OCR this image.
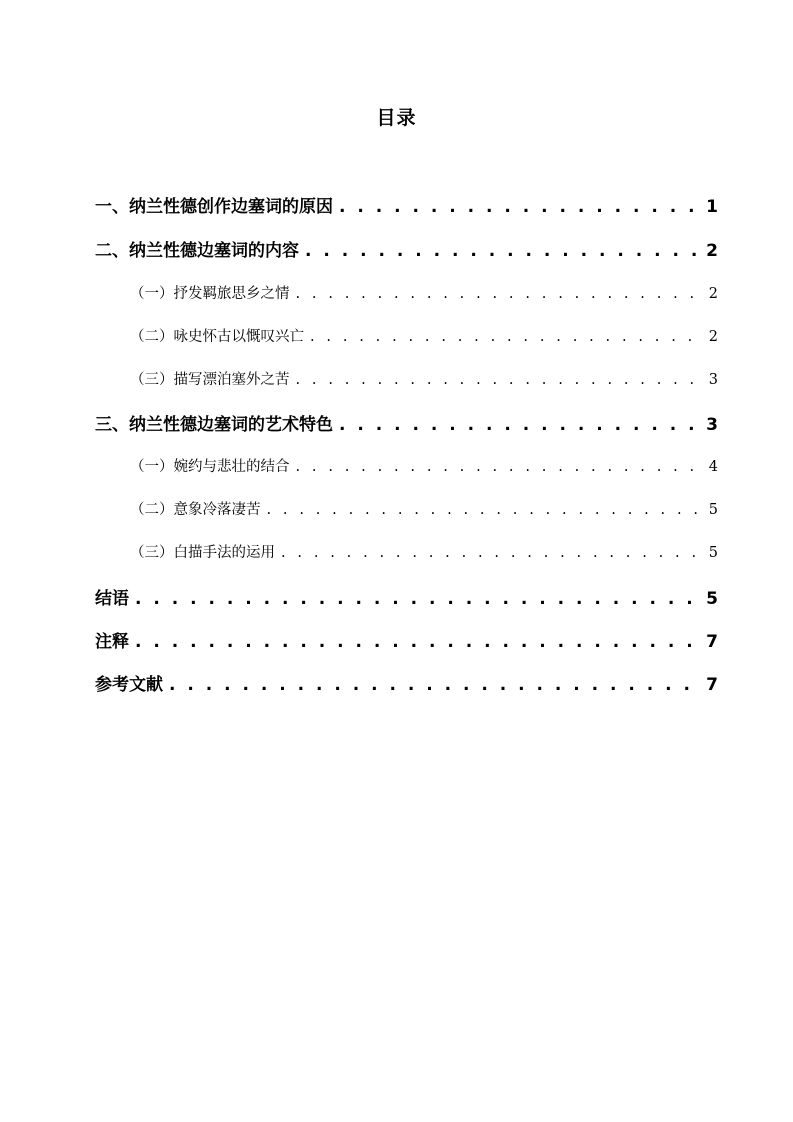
目录
一、纳兰性德创作边塞词的原因 . . .	1
二、纳兰性德边塞词的内容 . . .	2
（一）抒发羁旅思乡之情 . . .	2
（二）咏史怀古以慨叹兴亡 . . .	2
（三）描写漂泊塞外之苦 . . .	3
三、纳兰性德边塞词的艺术特色 . . .	3
（一）婉约与悲壮的结合 . . .	4
（二）意象冷落凄苦 . . .	5
（三）白描手法的运用 . . .	5
结语 . . .	5
注释 . . .	7
参考文献 . . .	7
